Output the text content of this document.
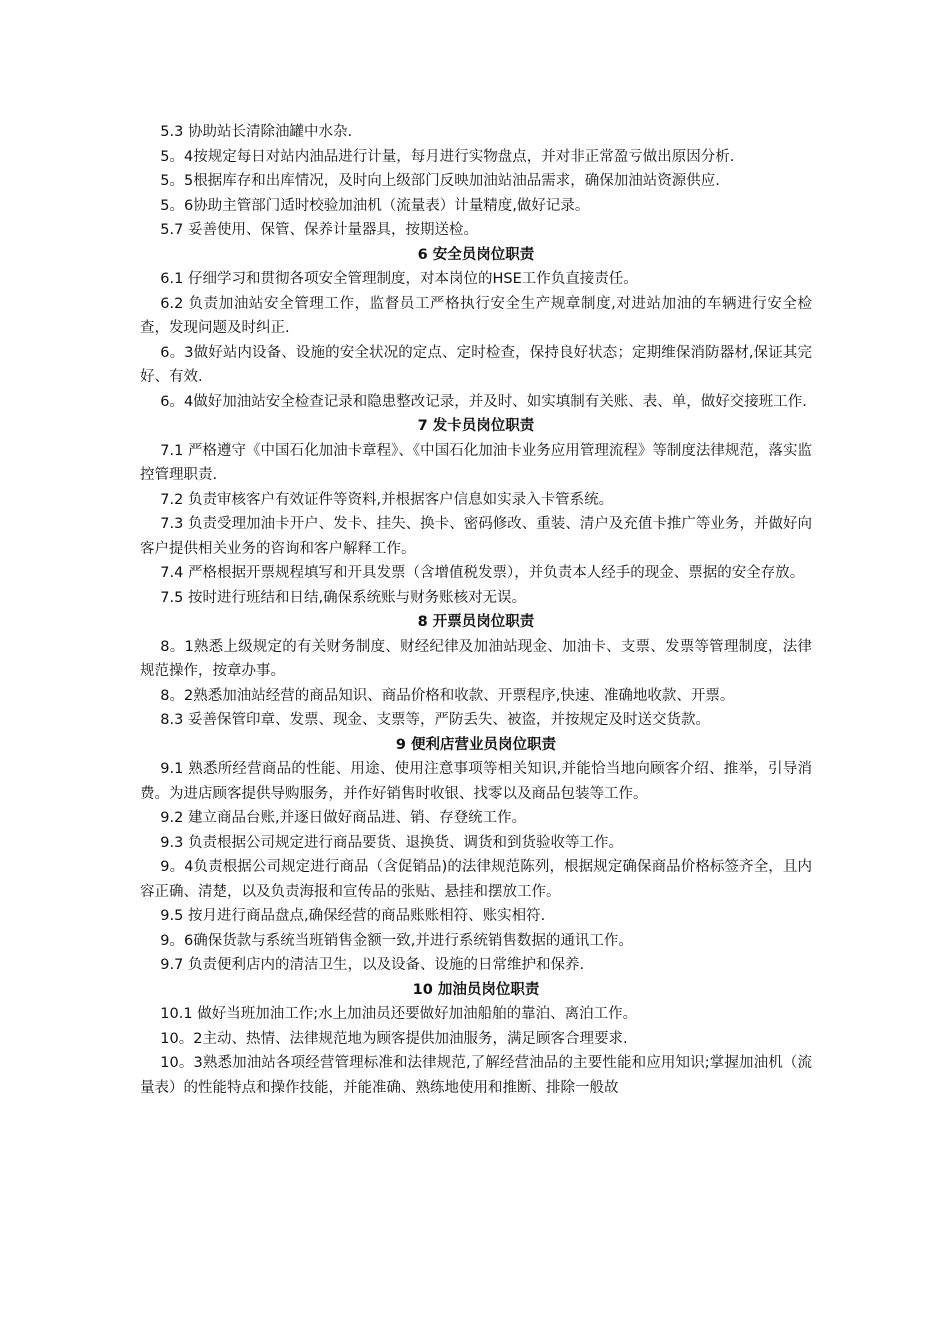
5.3 协助站长清除油罐中水杂.

5。4按规定每日对站内油品进行计量，每月进行实物盘点，并对非正常盈亏做出原因分析.

5。5根据库存和出库情况，及时向上级部门反映加油站油品需求，确保加油站资源供应.

5。6协助主管部门适时校验加油机（流量表）计量精度,做好记录。

5.7 妥善使用、保管、保养计量器具，按期送检。

6 安全员岗位职责

6.1 仔细学习和贯彻各项安全管理制度，对本岗位的HSE工作负直接责任。

6.2 负责加油站安全管理工作，监督员工严格执行安全生产规章制度,对进站加油的车辆进行安全检查，发现问题及时纠正.

6。3做好站内设备、设施的安全状况的定点、定时检查，保持良好状态；定期维保消防器材,保证其完好、有效.

6。4做好加油站安全检查记录和隐患整改记录，并及时、如实填制有关账、表、单，做好交接班工作.

7 发卡员岗位职责

7.1 严格遵守《中国石化加油卡章程》、《中国石化加油卡业务应用管理流程》等制度法律规范，落实监控管理职责.

7.2 负责审核客户有效证件等资料,并根据客户信息如实录入卡管系统。

7.3 负责受理加油卡开户、发卡、挂失、换卡、密码修改、重装、清户及充值卡推广等业务，并做好向客户提供相关业务的咨询和客户解释工作。

7.4 严格根据开票规程填写和开具发票（含增值税发票），并负责本人经手的现金、票据的安全存放。

7.5 按时进行班结和日结,确保系统账与财务账核对无误。

8 开票员岗位职责

8。1熟悉上级规定的有关财务制度、财经纪律及加油站现金、加油卡、支票、发票等管理制度，法律规范操作，按章办事。

8。2熟悉加油站经营的商品知识、商品价格和收款、开票程序,快速、准确地收款、开票。

8.3 妥善保管印章、发票、现金、支票等，严防丢失、被盗，并按规定及时送交货款。

9 便利店营业员岗位职责

9.1 熟悉所经营商品的性能、用途、使用注意事项等相关知识,并能恰当地向顾客介绍、推举，引导消费。为进店顾客提供导购服务，并作好销售时收银、找零以及商品包装等工作。

9.2 建立商品台账,并逐日做好商品进、销、存登统工作。

9.3 负责根据公司规定进行商品要货、退换货、调货和到货验收等工作。

9。4负责根据公司规定进行商品（含促销品)的法律规范陈列，根据规定确保商品价格标签齐全，且内容正确、清楚，以及负责海报和宣传品的张贴、悬挂和摆放工作。

9.5 按月进行商品盘点,确保经营的商品账账相符、账实相符.

9。6确保货款与系统当班销售金额一致,并进行系统销售数据的通讯工作。

9.7 负责便利店内的清洁卫生，以及设备、设施的日常维护和保养.

10 加油员岗位职责

10.1 做好当班加油工作;水上加油员还要做好加油船舶的靠泊、离泊工作。

10。2主动、热情、法律规范地为顾客提供加油服务，满足顾客合理要求.

10。3熟悉加油站各项经营管理标准和法律规范,了解经营油品的主要性能和应用知识;掌握加油机（流量表）的性能特点和操作技能，并能准确、熟练地使用和推断、排除一般故
